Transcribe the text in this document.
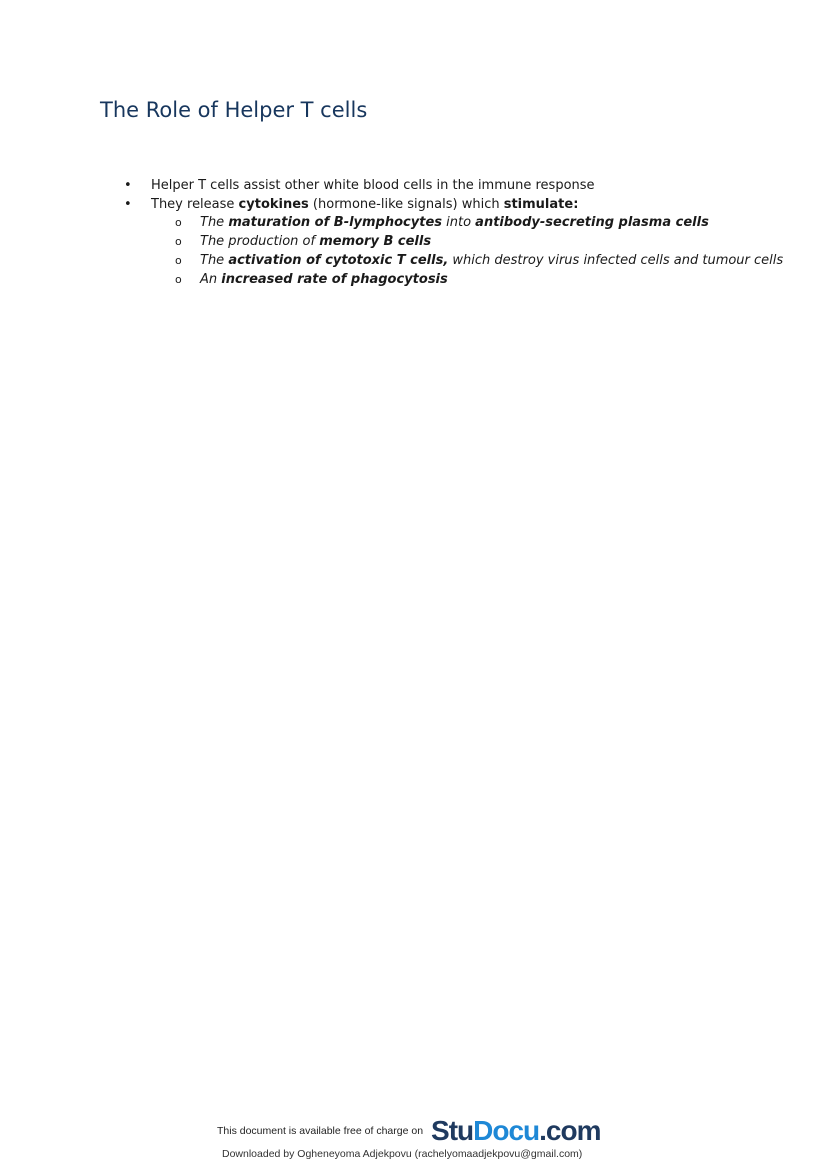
The Role of Helper T cells
• Helper T cells assist other white blood cells in the immune response
• They release cytokines (hormone-like signals) which stimulate:
o The maturation of B-lymphocytes into antibody-secreting plasma cells
o The production of memory B cells
o The activation of cytotoxic T cells, which destroy virus infected cells and tumour cells
o An increased rate of phagocytosis
This document is available free of charge on StuDocu.com
Downloaded by Ogheneyoma Adjekpovu (rachelyomaadjekpovu@gmail.com)
